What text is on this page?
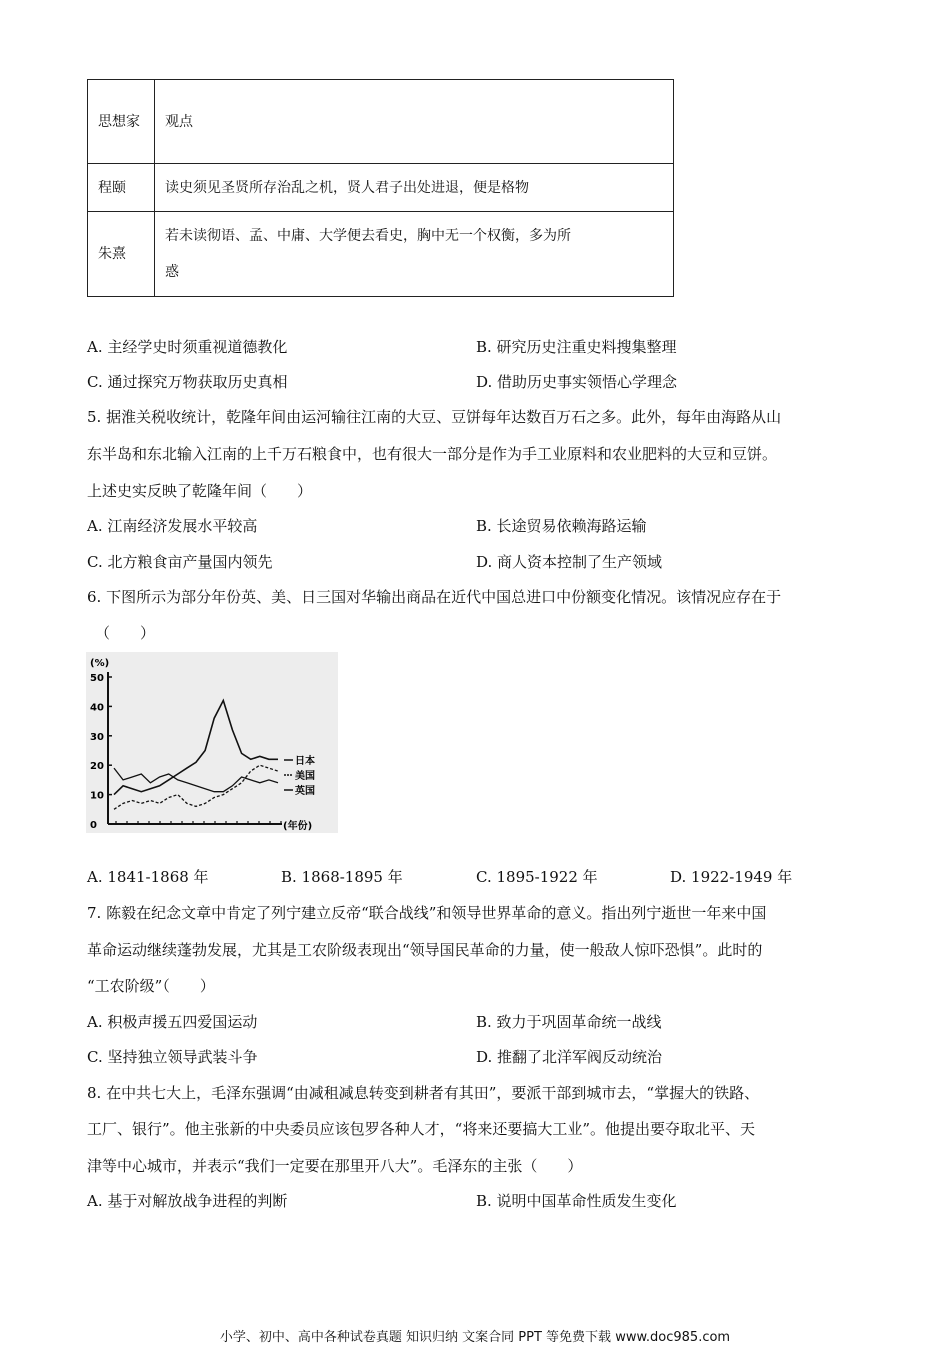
思想家	观点
程颐	读史须见圣贤所存治乱之机，贤人君子出处进退，便是格物
朱熹	若未读彻语、孟、中庸、大学便去看史，胸中无一个权衡，多为所
惑
A. 主经学史时须重视道德教化	B. 研究历史注重史料搜集整理
C. 通过探究万物获取历史真相	D. 借助历史事实领悟心学理念
5. 据淮关税收统计，乾隆年间由运河输往江南的大豆、豆饼每年达数百万石之多。此外，每年由海路从山
东半岛和东北输入江南的上千万石粮食中，也有很大一部分是作为手工业原料和农业肥料的大豆和豆饼。
上述史实反映了乾隆年间（　　）
A. 江南经济发展水平较高	B. 长途贸易依赖海路运输
C. 北方粮食亩产量国内领先	D. 商人资本控制了生产领域
6. 下图所示为部分年份英、美、日三国对华输出商品在近代中国总进口中份额变化情况。该情况应存在于
（　　）
(%)
(年份)
0
10
20
30
40
50
日本
美国
英国
A. 1841-1868 年	B. 1868-1895 年	C. 1895-1922 年	D. 1922-1949 年
7. 陈毅在纪念文章中肯定了列宁建立反帝“联合战线”和领导世界革命的意义。指出列宁逝世一年来中国
革命运动继续蓬勃发展，尤其是工农阶级表现出“领导国民革命的力量，使一般敌人惊吓恐惧”。此时的
“工农阶级”（　　）
A. 积极声援五四爱国运动	B. 致力于巩固革命统一战线
C. 坚持独立领导武装斗争	D. 推翻了北洋军阀反动统治
8. 在中共七大上，毛泽东强调“由减租减息转变到耕者有其田”，要派干部到城市去，“掌握大的铁路、
工厂、银行”。他主张新的中央委员应该包罗各种人才，“将来还要搞大工业”。他提出要夺取北平、天
津等中心城市，并表示“我们一定要在那里开八大”。毛泽东的主张（　　）
A. 基于对解放战争进程的判断	B. 说明中国革命性质发生变化
小学、初中、高中各种试卷真题 知识归纳 文案合同 PPT 等免费下载 www.doc985.com
